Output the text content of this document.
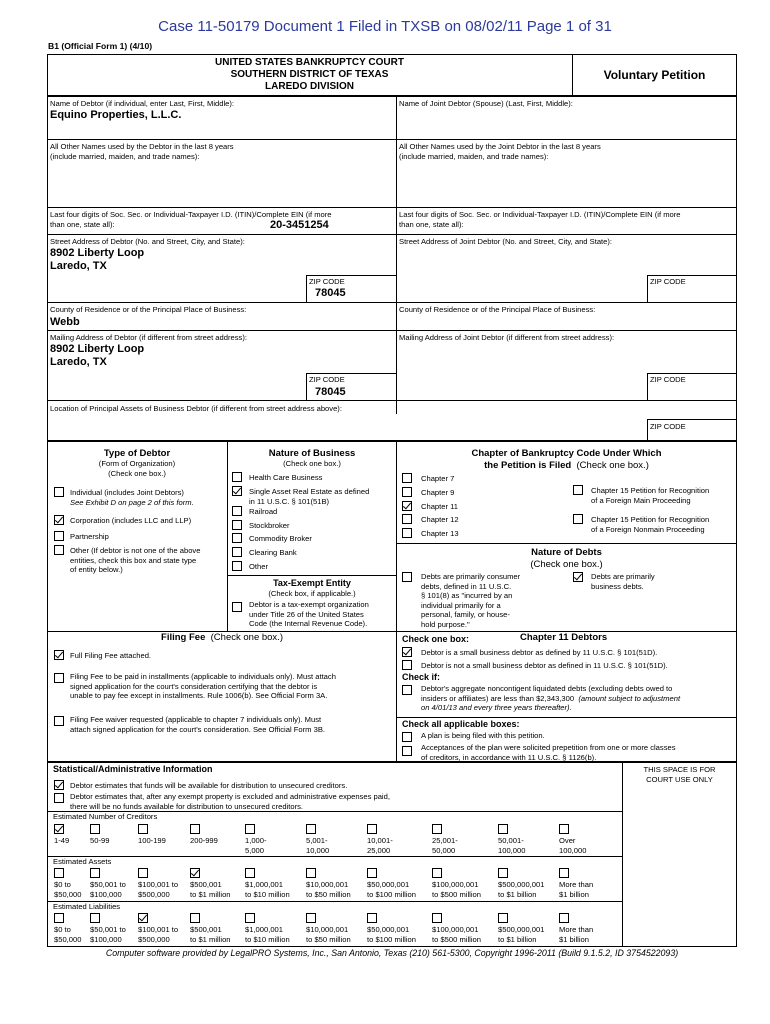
Case 11-50179 Document 1 Filed in TXSB on 08/02/11 Page 1 of 31
B1 (Official Form 1) (4/10)
UNITED STATES BANKRUPTCY COURT
SOUTHERN DISTRICT OF TEXAS
LAREDO DIVISION
Voluntary Petition
Name of Debtor (if individual, enter Last, First, Middle):
Equino Properties, L.L.C.
Name of Joint Debtor (Spouse) (Last, First, Middle):
All Other Names used by the Debtor in the last 8 years
(include married, maiden, and trade names):
All Other Names used by the Joint Debtor in the last 8 years
(include married, maiden, and trade names):
Last four digits of Soc. Sec. or Individual-Taxpayer I.D. (ITIN)/Complete EIN (if more
than one, state all):	20-3451254
Last four digits of Soc. Sec. or Individual-Taxpayer I.D. (ITIN)/Complete EIN (if more
than one, state all):
Street Address of Debtor (No. and Street, City, and State):
8902 Liberty Loop
Laredo, TX
ZIP CODE
78045
Street Address of Joint Debtor (No. and Street, City, and State):
ZIP CODE
County of Residence or of the Principal Place of Business:
Webb
County of Residence or of the Principal Place of Business:
Mailing Address of Debtor (if different from street address):
8902 Liberty Loop
Laredo, TX
ZIP CODE
78045
Mailing Address of Joint Debtor (if different from street address):
ZIP CODE
Location of Principal Assets of Business Debtor (if different from street address above):
ZIP CODE
Type of Debtor
(Form of Organization)
(Check one box.)
Individual (includes Joint Debtors)
See Exhibit D on page 2 of this form.
Corporation (includes LLC and LLP)
Partnership
Other (If debtor is not one of the above
entities, check this box and state type
of entity below.)
Nature of Business
(Check one box.)
Health Care Business
Single Asset Real Estate as defined
in 11 U.S.C. § 101(51B)
Railroad
Stockbroker
Commodity Broker
Clearing Bank
Other
Tax-Exempt Entity
(Check box, if applicable.)
Debtor is a tax-exempt organization
under Title 26 of the United States
Code (the Internal Revenue Code).
Chapter of Bankruptcy Code Under Which
the Petition is Filed (Check one box.)
Chapter 7
Chapter 9
Chapter 11
Chapter 12
Chapter 13
Chapter 15 Petition for Recognition
of a Foreign Main Proceeding
Chapter 15 Petition for Recognition
of a Foreign Nonmain Proceeding
Nature of Debts
(Check one box.)
Debts are primarily consumer
debts, defined in 11 U.S.C.
§ 101(8) as "incurred by an
individual primarily for a
personal, family, or house-
hold purpose."
Debts are primarily
business debts.
Filing Fee (Check one box.)
Full Filing Fee attached.
Filing Fee to be paid in installments (applicable to individuals only). Must attach
signed application for the court's consideration certifying that the debtor is
unable to pay fee except in installments. Rule 1006(b). See Official Form 3A.
Filing Fee waiver requested (applicable to chapter 7 individuals only). Must
attach signed application for the court's consideration. See Official Form 3B.
Check one box:	Chapter 11 Debtors
Debtor is a small business debtor as defined by 11 U.S.C. § 101(51D).
Debtor is not a small business debtor as defined in 11 U.S.C. § 101(51D).
Check if:
Debtor's aggregate noncontigent liquidated debts (excluding debts owed to
insiders or affiliates) are less than $2,343,300 (amount subject to adjustment
on 4/01/13 and every three years thereafter).
Check all applicable boxes:
A plan is being filed with this petition.
Acceptances of the plan were solicited prepetition from one or more classes
of creditors, in accordance with 11 U.S.C. § 1126(b).
Statistical/Administrative Information	THIS SPACE IS FOR
COURT USE ONLY
Debtor estimates that funds will be available for distribution to unsecured creditors.
Debtor estimates that, after any exempt property is excluded and administrative expenses paid,
there will be no funds available for distribution to unsecured creditors.
Estimated Number of Creditors
1-49	50-99	100-199	200-999	1,000-
5,000
5,001-
10,000
10,001-
25,000
25,001-
50,000
50,001-
100,000
Over
100,000
Estimated Assets
$0 to
$50,000
$50,001 to
$100,000
$100,001 to
$500,000
$500,001
to $1 million
$1,000,001
to $10 million
$10,000,001
to $50 million
$50,000,001
to $100 million
$100,000,001
to $500 million
$500,000,001
to $1 billion
More than
$1 billion
Estimated Liabilities
$0 to
$50,000
$50,001 to
$100,000
$100,001 to
$500,000
$500,001
to $1 million
$1,000,001
to $10 million
$10,000,001
to $50 million
$50,000,001
to $100 million
$100,000,001
to $500 million
$500,000,001
to $1 billion
More than
$1 billion
Computer software provided by LegalPRO Systems, Inc., San Antonio, Texas (210) 561-5300, Copyright 1996-2011 (Build 9.1.5.2, ID 3754522093)
